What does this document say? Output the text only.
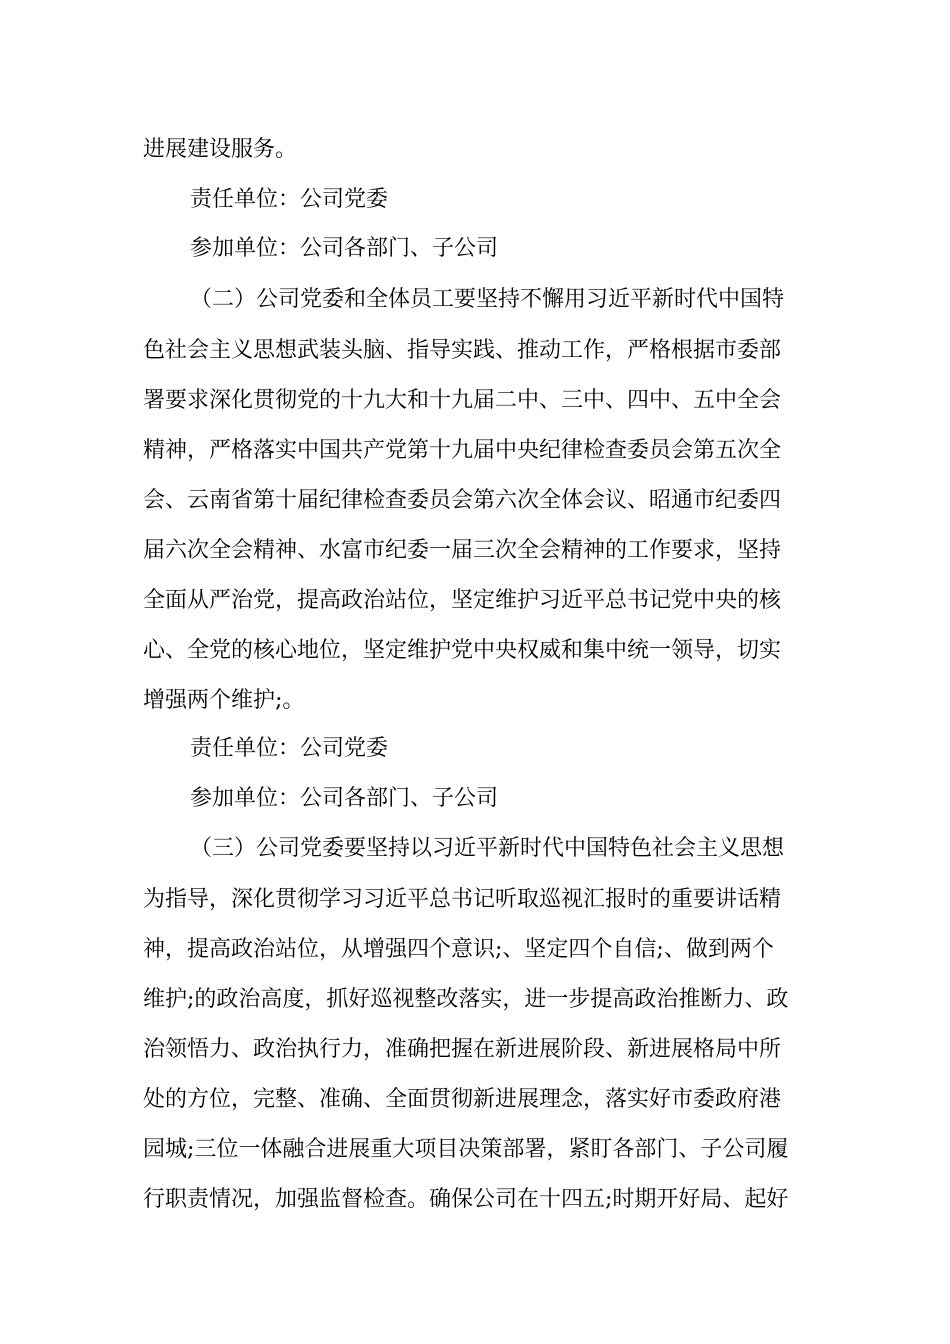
进展建设服务。
责任单位：公司党委
参加单位：公司各部门、子公司
（二）公司党委和全体员工要坚持不懈用习近平新时代中国特
色社会主义思想武装头脑、指导实践、推动工作，严格根据市委部
署要求深化贯彻党的十九大和十九届二中、三中、四中、五中全会
精神，严格落实中国共产党第十九届中央纪律检查委员会第五次全
会、云南省第十届纪律检查委员会第六次全体会议、昭通市纪委四
届六次全会精神、水富市纪委一届三次全会精神的工作要求，坚持
全面从严治党，提高政治站位，坚定维护习近平总书记党中央的核
心、全党的核心地位，坚定维护党中央权威和集中统一领导，切实
增强两个维护;。
责任单位：公司党委
参加单位：公司各部门、子公司
（三）公司党委要坚持以习近平新时代中国特色社会主义思想
为指导，深化贯彻学习习近平总书记听取巡视汇报时的重要讲话精
神，提高政治站位，从增强四个意识;、坚定四个自信;、做到两个
维护;的政治高度，抓好巡视整改落实，进一步提高政治推断力、政
治领悟力、政治执行力，准确把握在新进展阶段、新进展格局中所
处的方位，完整、准确、全面贯彻新进展理念，落实好市委政府港
园城;三位一体融合进展重大项目决策部署，紧盯各部门、子公司履
行职责情况，加强监督检查。确保公司在十四五;时期开好局、起好
